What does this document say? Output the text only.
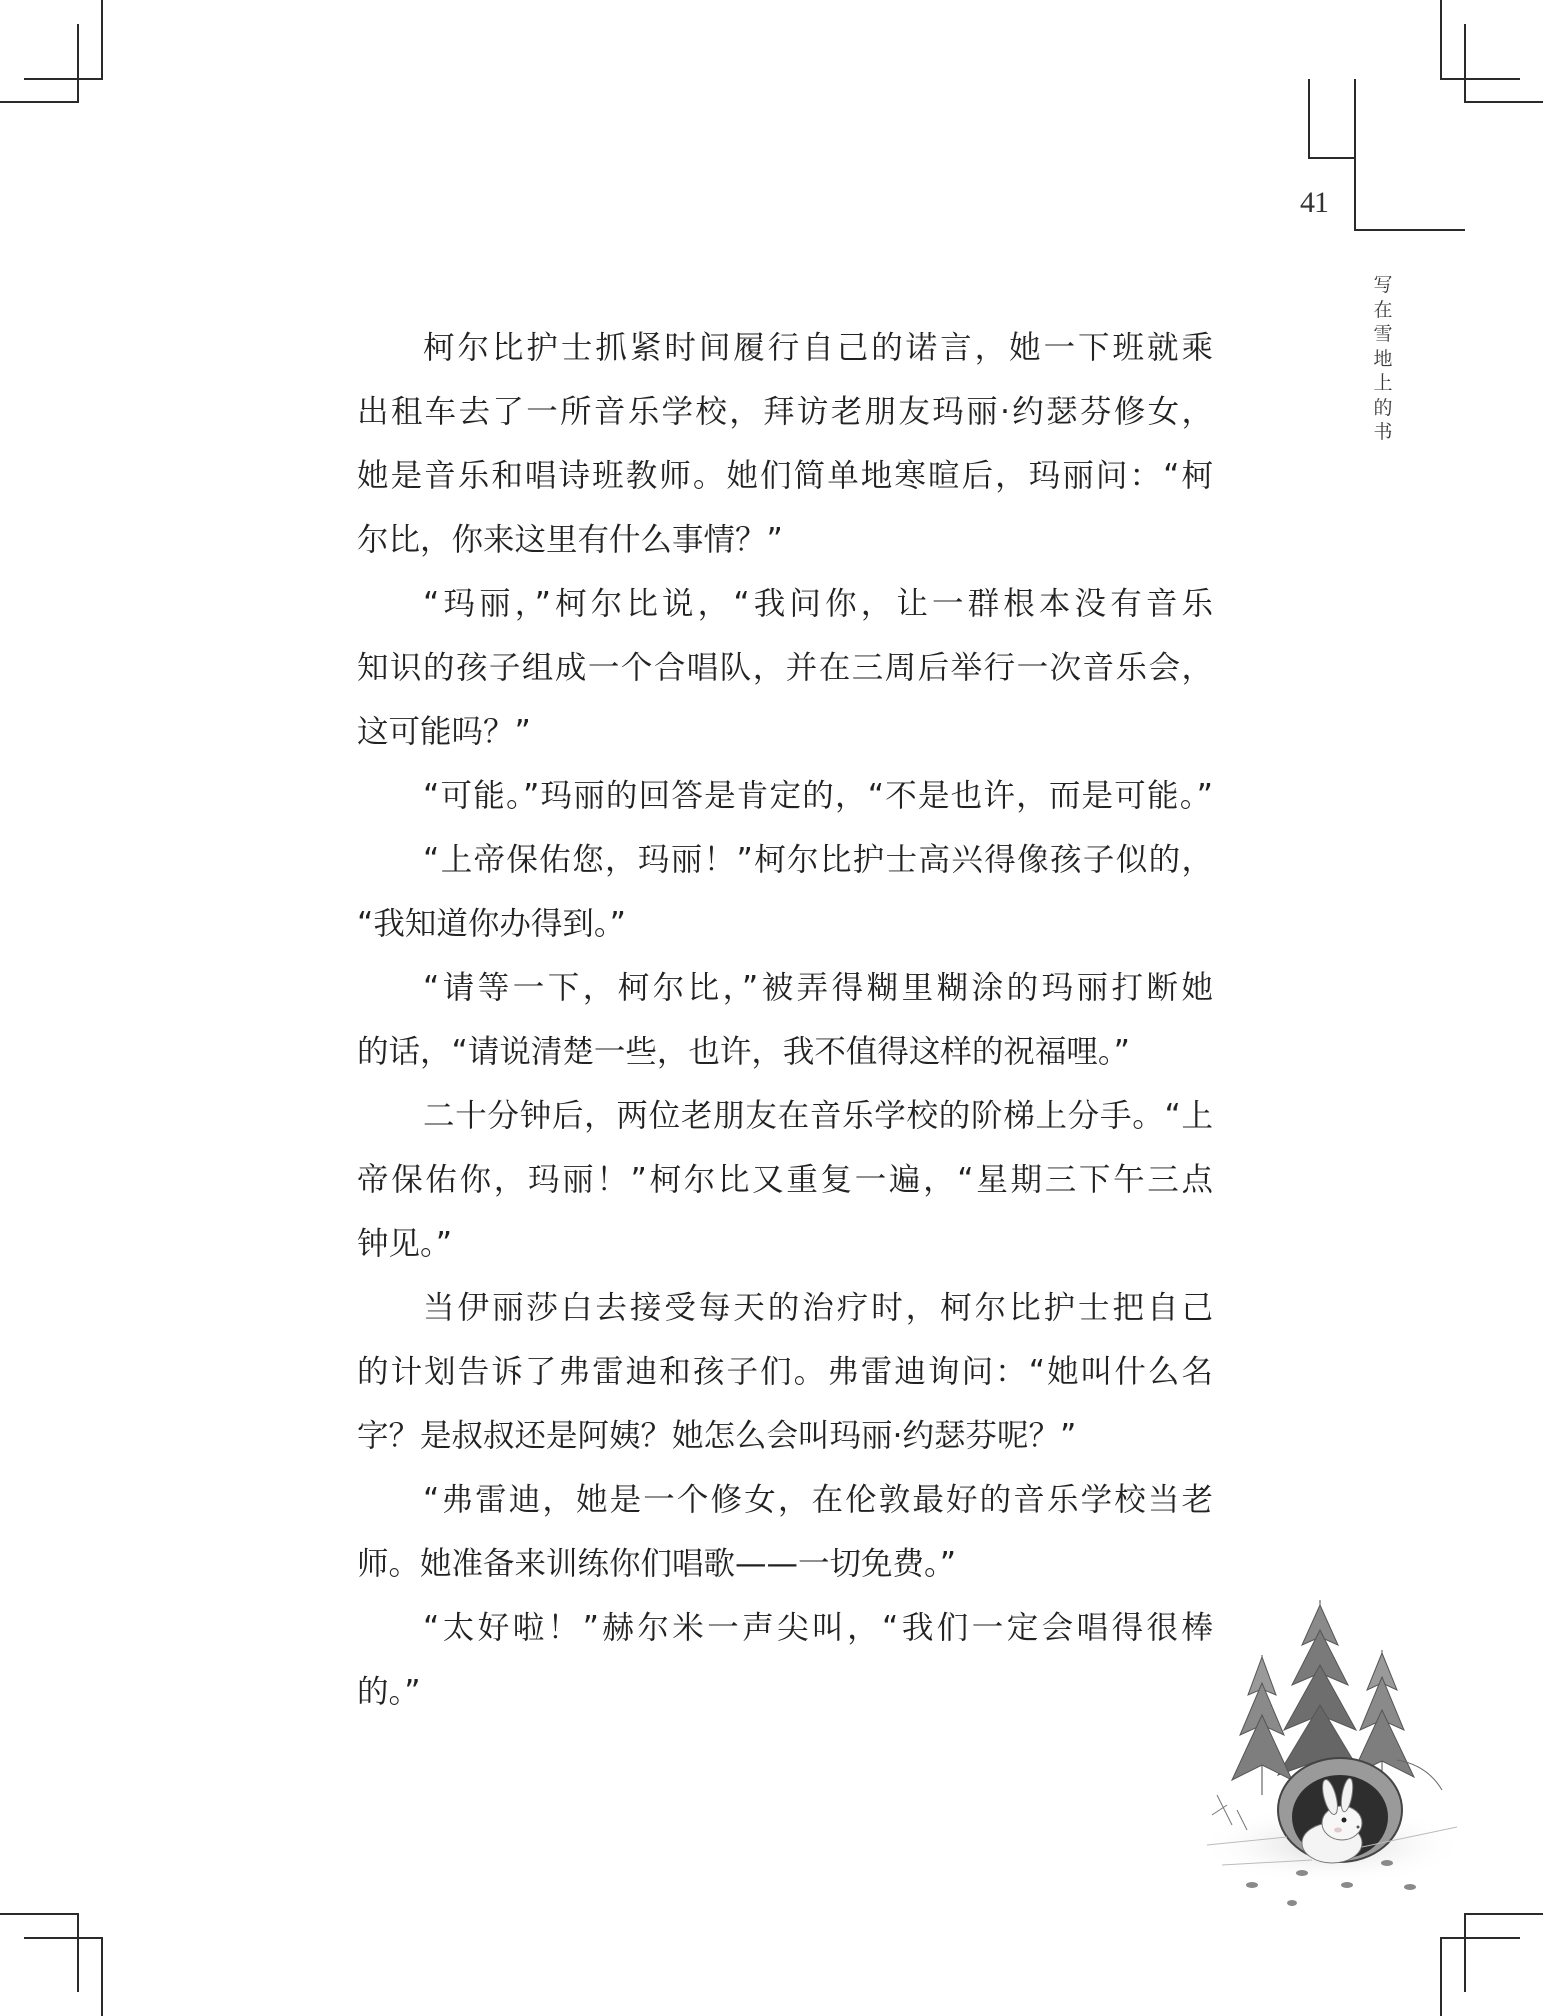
41
写
在
雪
地
上
的
书
柯尔比护士抓紧时间履行自己的诺言，她一下班就乘
出租车去了一所音乐学校，拜访老朋友玛丽·约瑟芬修女，
她是音乐和唱诗班教师。她们简单地寒暄后，玛丽问：“柯
尔比，你来这里有什么事情？”
“玛丽，”柯尔比说，“我问你，让一群根本没有音乐
知识的孩子组成一个合唱队，并在三周后举行一次音乐会，
这可能吗？”
“可能。”玛丽的回答是肯定的，“不是也许，而是可能。”
“上帝保佑您，玛丽！”柯尔比护士高兴得像孩子似的，
“我知道你办得到。”
“请等一下，柯尔比，”被弄得糊里糊涂的玛丽打断她
的话，“请说清楚一些，也许，我不值得这样的祝福哩。”
二十分钟后，两位老朋友在音乐学校的阶梯上分手。“上
帝保佑你，玛丽！”柯尔比又重复一遍，“星期三下午三点
钟见。”
当伊丽莎白去接受每天的治疗时，柯尔比护士把自己
的计划告诉了弗雷迪和孩子们。弗雷迪询问：“她叫什么名
字？是叔叔还是阿姨？她怎么会叫玛丽·约瑟芬呢？”
“弗雷迪，她是一个修女，在伦敦最好的音乐学校当老
师。她准备来训练你们唱歌——一切免费。”
“太好啦！”赫尔米一声尖叫，“我们一定会唱得很棒
的。”
